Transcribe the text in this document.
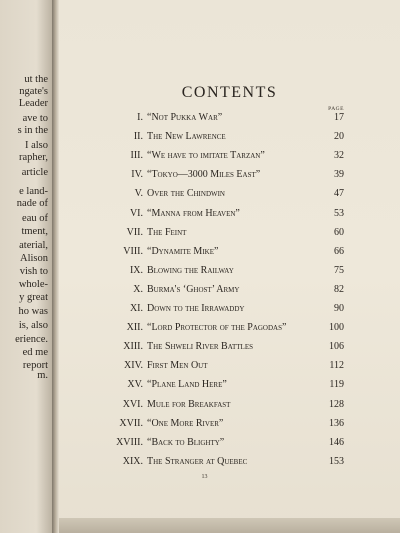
ut the
ngate's
Leader
ave to
s in the
I also
rapher,
article
e land-
nade of
eau of
tment,
aterial,
Alison
vish to
whole-
y great
ho was
is, also
erience.
ed me
report
m.
CONTENTS
PAGE
I. “Not Pukka War”	17
II. The New Lawrence	20
III. “We have to imitate Tarzan”	32
IV. “Tokyo—3000 Miles East”	39
V. Over the Chindwin	47
VI. “Manna from Heaven”	53
VII. The Feint	60
VIII. “Dynamite Mike”	66
IX. Blowing the Railway	75
X. Burma's ‘Ghost’ Army	82
XI. Down to the Irrawaddy	90
XII. “Lord Protector of the Pagodas”	100
XIII. The Shweli River Battles	106
XIV. First Men Out	112
XV. “Plane Land Here”	119
XVI. Mule for Breakfast	128
XVII. “One More River”	136
XVIII. “Back to Blighty”	146
XIX. The Stranger at Quebec	153
13
